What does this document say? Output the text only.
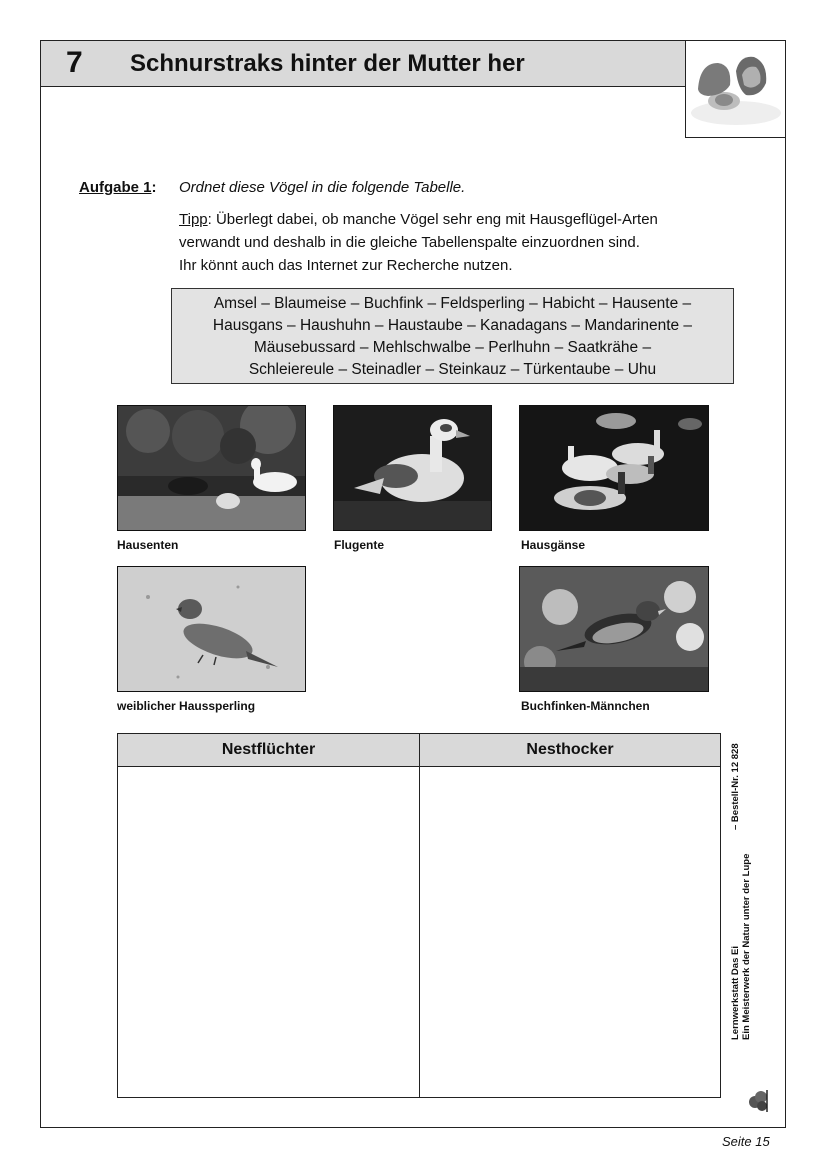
7 Schnurstraks hinter der Mutter her
Aufgabe 1: Ordnet diese Vögel in die folgende Tabelle.
Tipp: Überlegt dabei, ob manche Vögel sehr eng mit Hausgeflügel-Arten
verwandt und deshalb in die gleiche Tabellenspalte einzuordnen sind.
Ihr könnt auch das Internet zur Recherche nutzen.
Amsel – Blaumeise – Buchfink – Feldsperling – Habicht – Hausente –
Hausgans – Haushuhn – Haustaube – Kanadagans – Mandarinente –
Mäusebussard – Mehlschwalbe – Perlhuhn – Saatkrähe –
Schleiereule – Steinadler – Steinkauz – Türkentaube – Uhu
Hausenten	Flugente	Hausgänse
weiblicher Haussperling	Buchfinken-Männchen
Nestflüchter	Nesthocker
Lernwerkstatt Das Ei Ein Meisterwerk der Natur unter der Lupe
– Bestell-Nr. 12 828
Seite 15
